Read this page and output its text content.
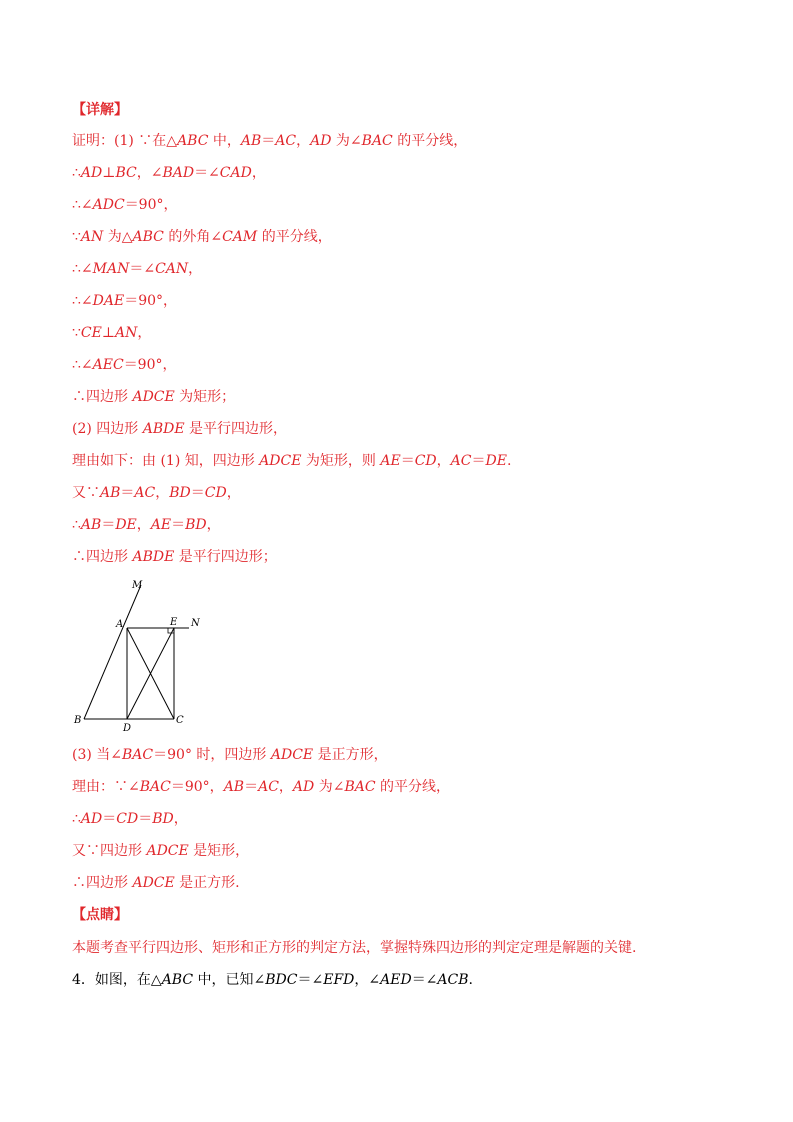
【详解】
证明：(1) ∵在△ABC 中，AB＝AC，AD 为∠BAC 的平分线，
∴AD⊥BC，∠BAD＝∠CAD，
∴∠ADC＝90°，
∵AN 为△ABC 的外角∠CAM 的平分线，
∴∠MAN＝∠CAN，
∴∠DAE＝90°，
∵CE⊥AN，
∴∠AEC＝90°，
∴四边形 ADCE 为矩形；
(2) 四边形 ABDE 是平行四边形，
理由如下：由 (1) 知，四边形 ADCE 为矩形，则 AE＝CD，AC＝DE.
又∵AB＝AC，BD＝CD，
∴AB＝DE，AE＝BD，
∴四边形 ABDE 是平行四边形；
M
A	E N
B
D
C
(3) 当∠BAC＝90° 时，四边形 ADCE 是正方形，
理由：∵∠BAC＝90°，AB＝AC，AD 为∠BAC 的平分线，
∴AD＝CD＝BD，
又∵四边形 ADCE 是矩形，
∴四边形 ADCE 是正方形.
【点睛】
本题考查平行四边形、矩形和正方形的判定方法，掌握特殊四边形的判定定理是解题的关键.
4．如图，在△ABC 中，已知∠BDC＝∠EFD，∠AED＝∠ACB.
